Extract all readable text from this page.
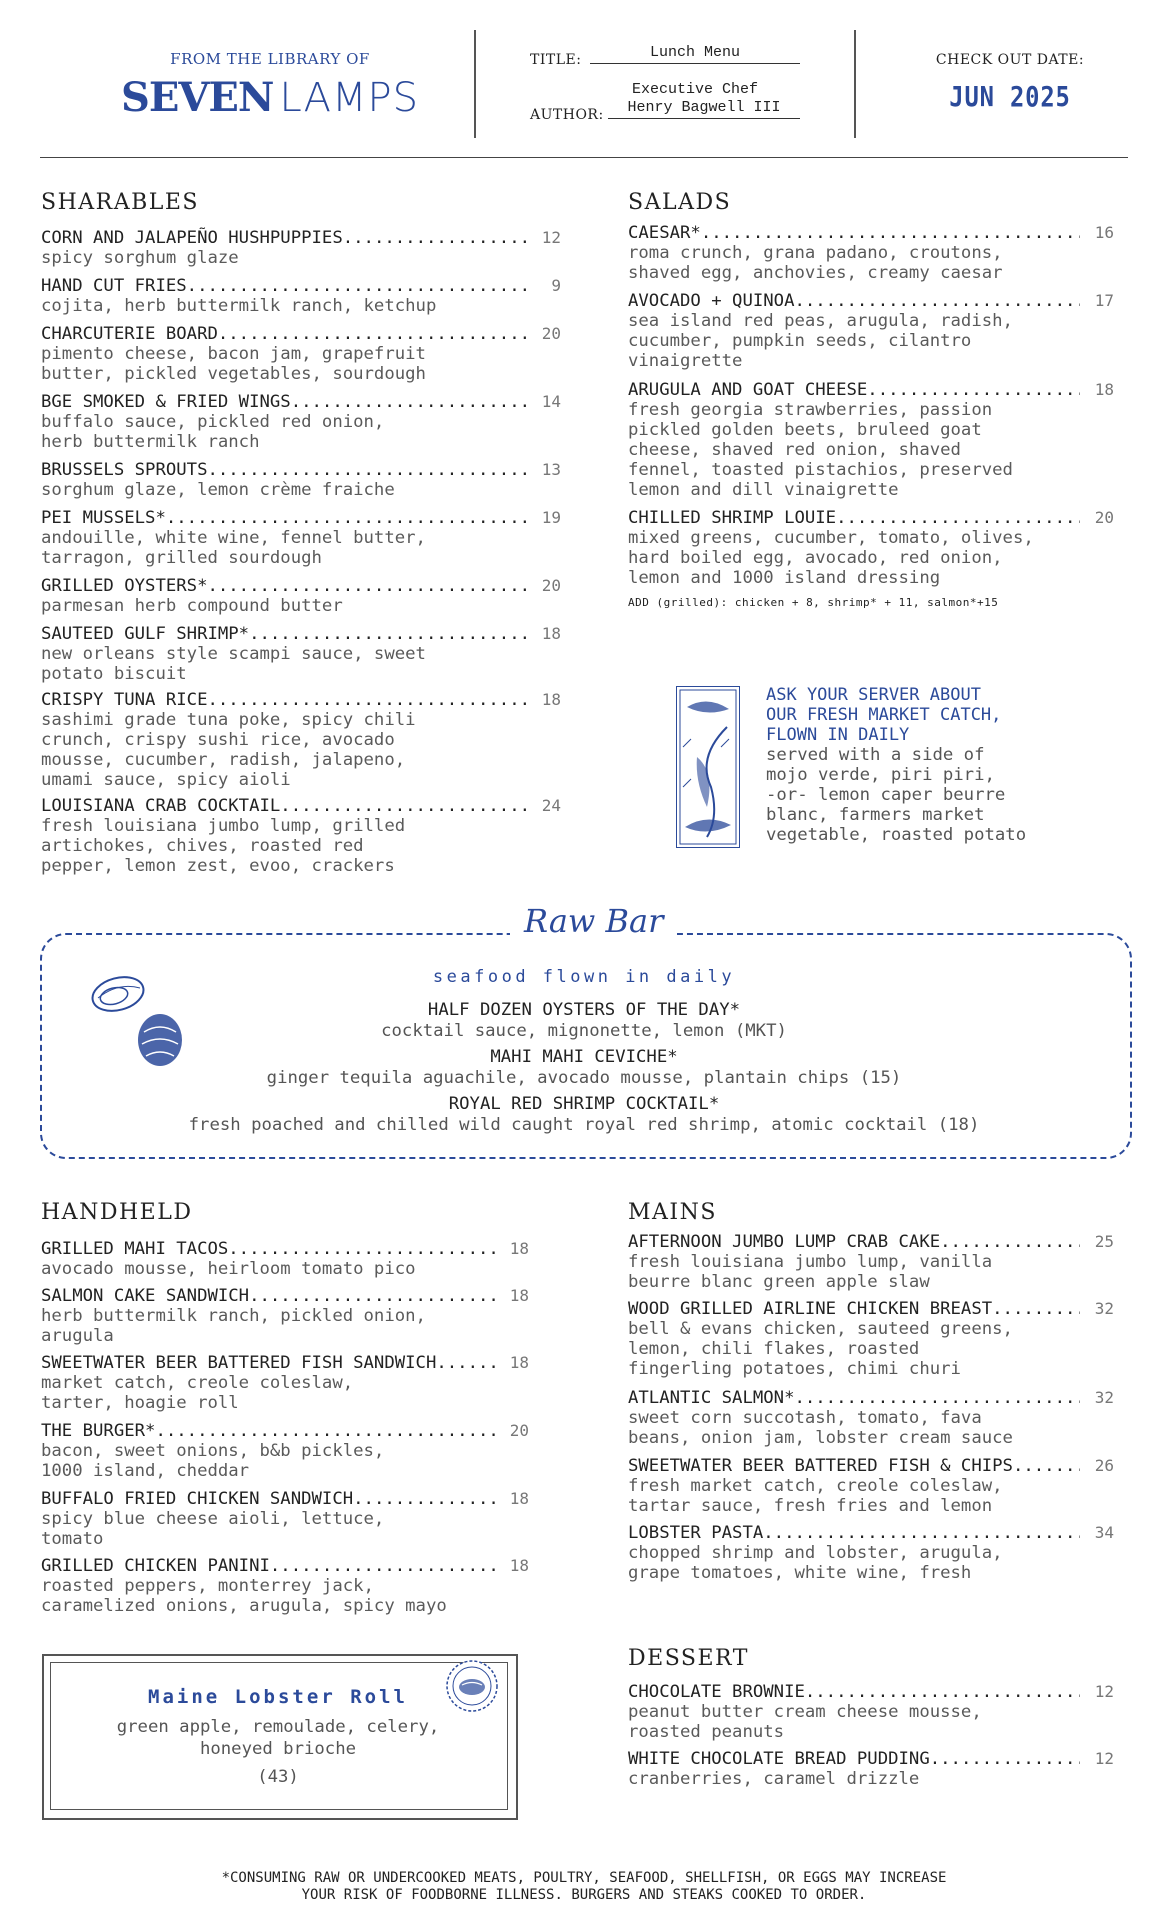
FROM THE LIBRARY OF
SEVEN LAMPS
TITLE:	Lunch Menu
Executive Chef
AUTHOR:	Henry Bagwell III
CHECK OUT DATE:
JUN 2025
SHARABLES
CORN AND JALAPEÑO HUSHPUPPIES .....	12
spicy sorghum glaze
HAND CUT FRIES .....	9
cojita, herb buttermilk ranch, ketchup
CHARCUTERIE BOARD .....	20
pimento cheese, bacon jam, grapefruit
butter, pickled vegetables, sourdough
BGE SMOKED & FRIED WINGS .....	14
buffalo sauce, pickled red onion,
herb buttermilk ranch
BRUSSELS SPROUTS .....	13
sorghum glaze, lemon crème fraiche
PEI MUSSELS* .....	19
andouille, white wine, fennel butter,
tarragon, grilled sourdough
GRILLED OYSTERS* .....	20
parmesan herb compound butter
SAUTEED GULF SHRIMP* .....	18
new orleans style scampi sauce, sweet
potato biscuit
CRISPY TUNA RICE .....	18
sashimi grade tuna poke, spicy chili
crunch, crispy sushi rice, avocado
mousse, cucumber, radish, jalapeno,
umami sauce, spicy aioli
LOUISIANA CRAB COCKTAIL .....	24
fresh louisiana jumbo lump, grilled
artichokes, chives, roasted red
pepper, lemon zest, evoo, crackers
SALADS
CAESAR* .....	16
roma crunch, grana padano, croutons,
shaved egg, anchovies, creamy caesar
AVOCADO + QUINOA .....	17
sea island red peas, arugula, radish,
cucumber, pumpkin seeds, cilantro
vinaigrette
ARUGULA AND GOAT CHEESE .....	18
fresh georgia strawberries, passion
pickled golden beets, bruleed goat
cheese, shaved red onion, shaved
fennel, toasted pistachios, preserved
lemon and dill vinaigrette
CHILLED SHRIMP LOUIE .....	20
mixed greens, cucumber, tomato, olives,
hard boiled egg, avocado, red onion,
lemon and 1000 island dressing
ADD (grilled): chicken + 8, shrimp* + 11, salmon*+15
ASK YOUR SERVER ABOUT
OUR FRESH MARKET CATCH,
FLOWN IN DAILY
served with a side of
mojo verde, piri piri,
-or- lemon caper beurre
blanc, farmers market
vegetable, roasted potato
Raw Bar
seafood flown in daily
HALF DOZEN OYSTERS OF THE DAY*
cocktail sauce, mignonette, lemon (MKT)
MAHI MAHI CEVICHE*
ginger tequila aguachile, avocado mousse, plantain chips (15)
ROYAL RED SHRIMP COCKTAIL*
fresh poached and chilled wild caught royal red shrimp, atomic cocktail (18)
HANDHELD
GRILLED MAHI TACOS .....	18
avocado mousse, heirloom tomato pico
SALMON CAKE SANDWICH .....	18
herb buttermilk ranch, pickled onion,
arugula
SWEETWATER BEER BATTERED FISH SANDWICH .....	18
market catch, creole coleslaw,
tarter, hoagie roll
THE BURGER* .....	20
bacon, sweet onions, b&b pickles,
1000 island, cheddar
BUFFALO FRIED CHICKEN SANDWICH .....	18
spicy blue cheese aioli, lettuce,
tomato
GRILLED CHICKEN PANINI .....	18
roasted peppers, monterrey jack,
caramelized onions, arugula, spicy mayo
Maine Lobster Roll
green apple, remoulade, celery,
honeyed brioche
(43)
MAINS
AFTERNOON JUMBO LUMP CRAB CAKE .....	25
fresh louisiana jumbo lump, vanilla
beurre blanc green apple slaw
WOOD GRILLED AIRLINE CHICKEN BREAST .....	32
bell & evans chicken, sauteed greens,
lemon, chili flakes, roasted
fingerling potatoes, chimi churi
ATLANTIC SALMON* .....	32
sweet corn succotash, tomato, fava
beans, onion jam, lobster cream sauce
SWEETWATER BEER BATTERED FISH & CHIPS .....	26
fresh market catch, creole coleslaw,
tartar sauce, fresh fries and lemon
LOBSTER PASTA .....	34
chopped shrimp and lobster, arugula,
grape tomatoes, white wine, fresh
DESSERT
CHOCOLATE BROWNIE .....	12
peanut butter cream cheese mousse,
roasted peanuts
WHITE CHOCOLATE BREAD PUDDING .....	12
cranberries, caramel drizzle
*CONSUMING RAW OR UNDERCOOKED MEATS, POULTRY, SEAFOOD, SHELLFISH, OR EGGS MAY INCREASE
YOUR RISK OF FOODBORNE ILLNESS. BURGERS AND STEAKS COOKED TO ORDER.
